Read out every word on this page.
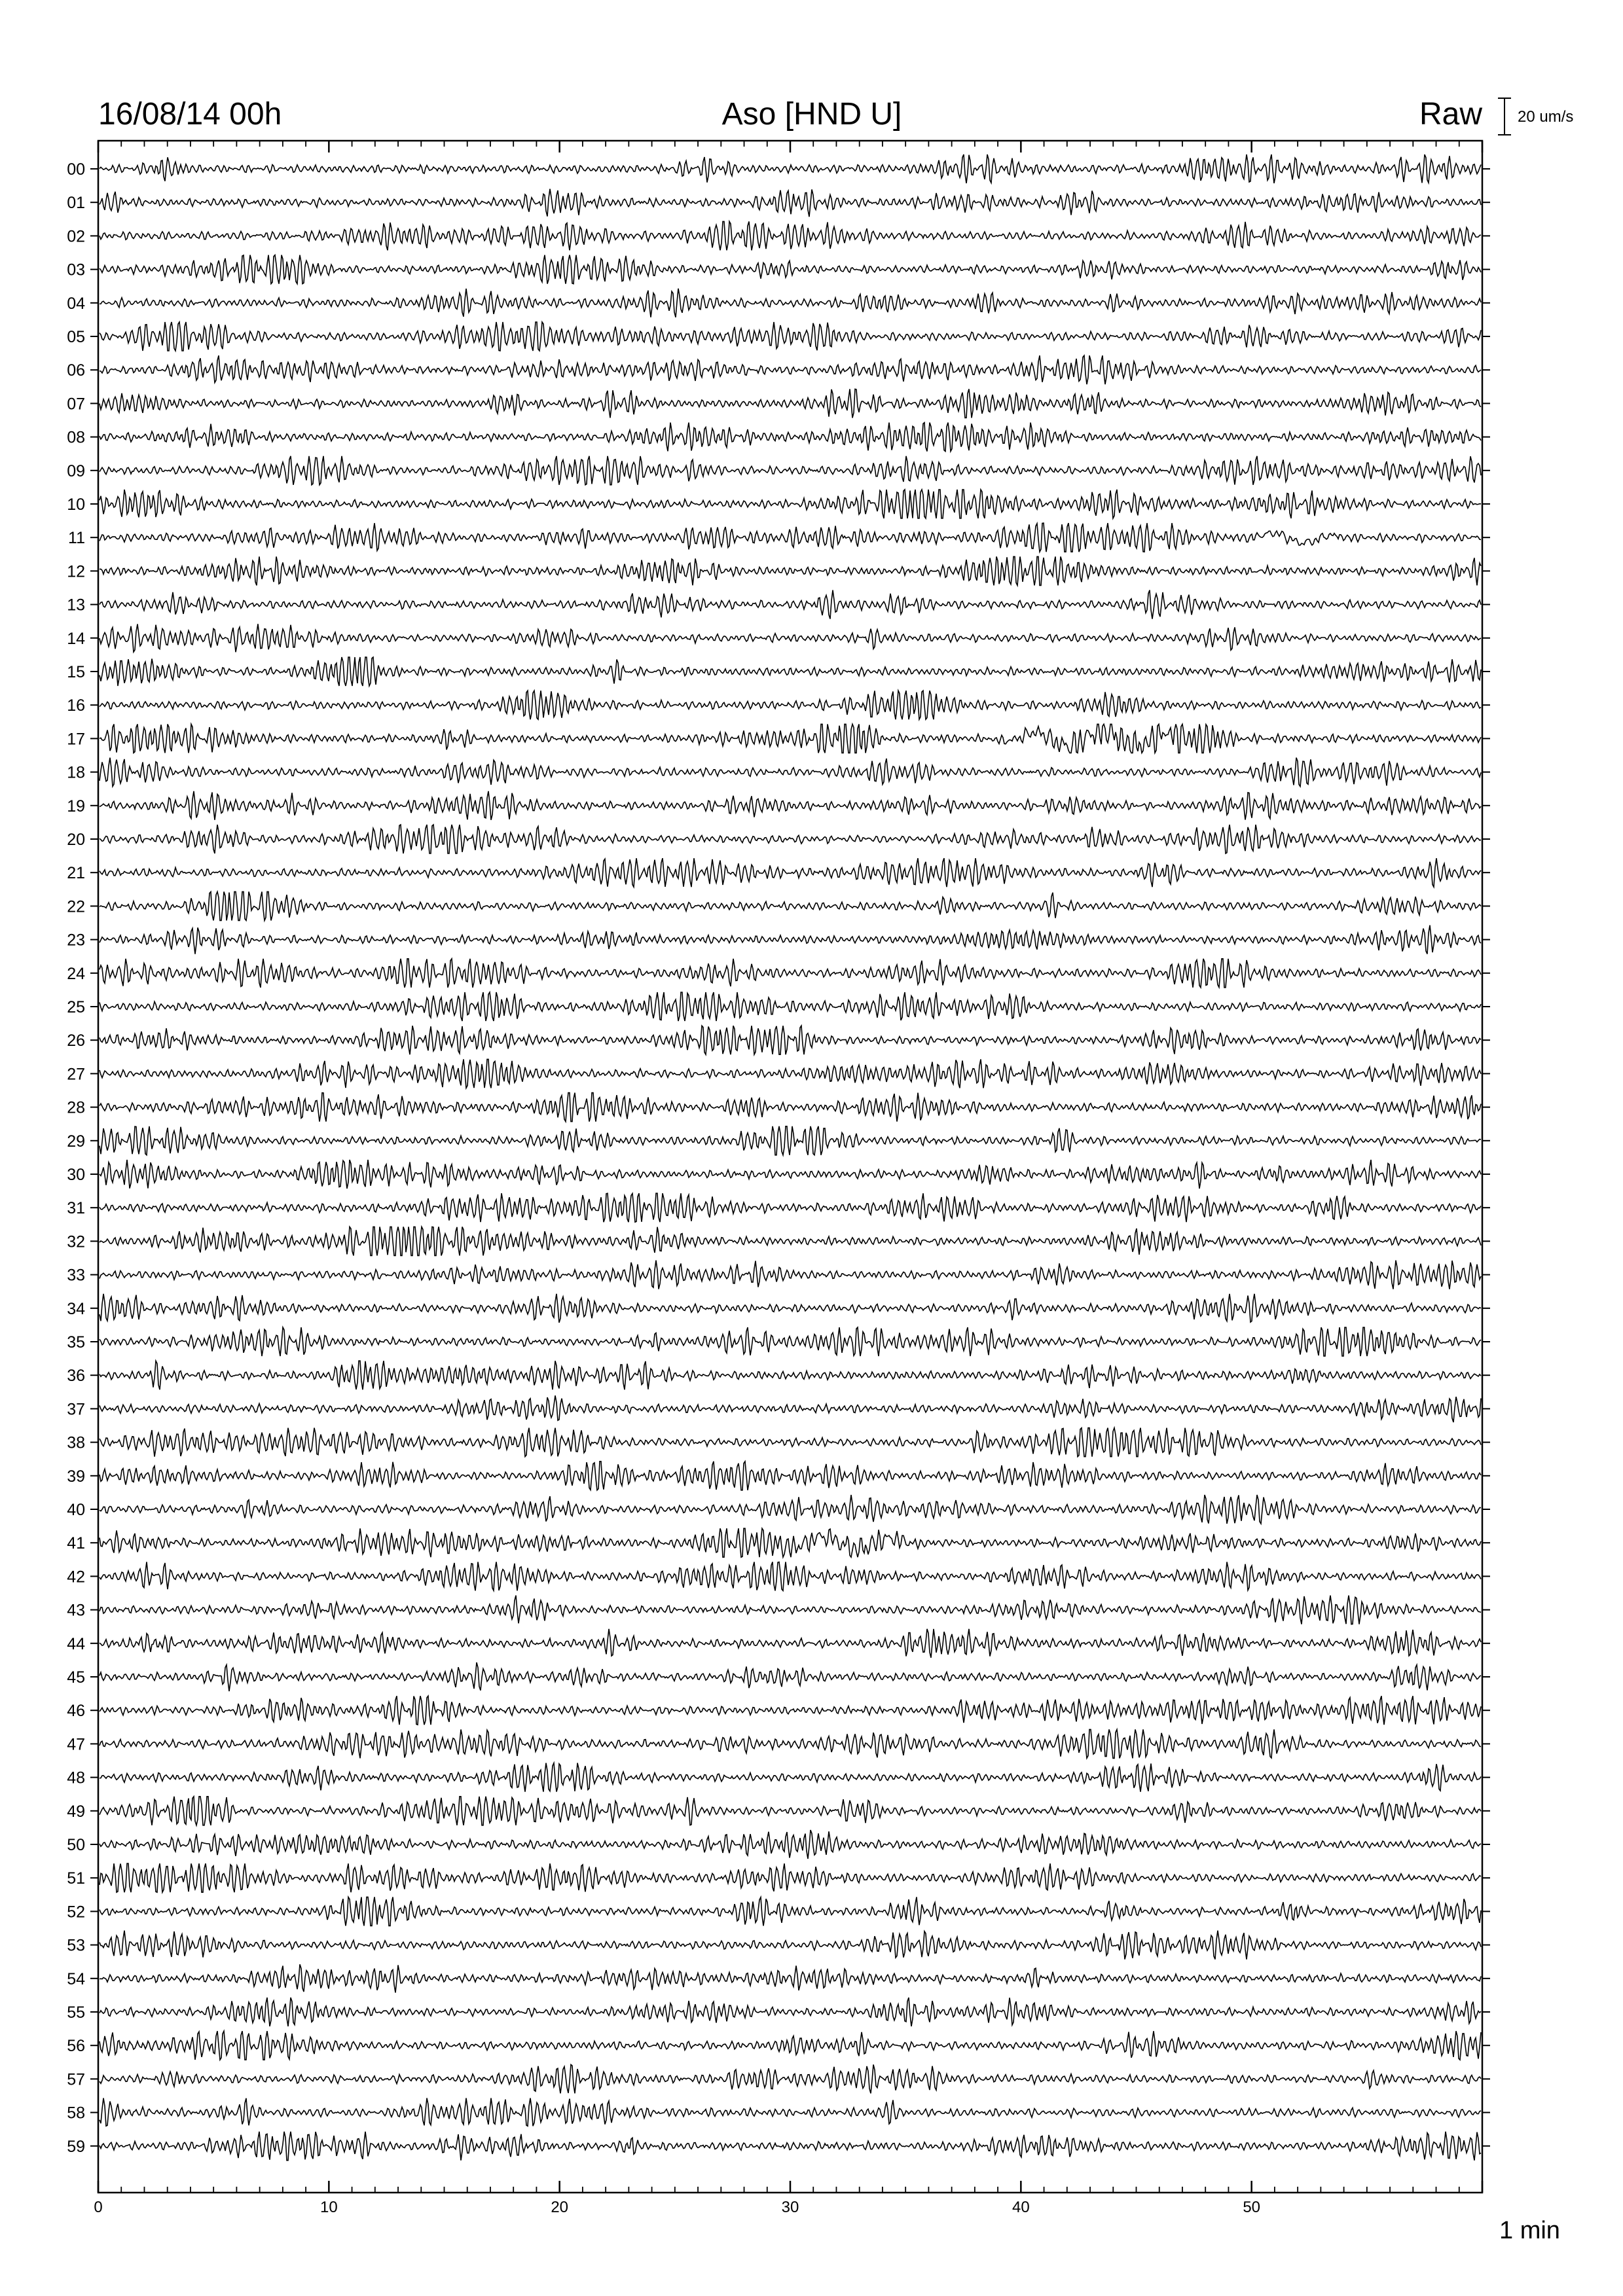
16/08/14 00h	Aso [HND U]	Raw 20 um/s
00
01
02
03
04
05
06
07
08
09
10
11
12
13
14
15
16
17
18
19
20
21
22
23
24
25
26
27
28
29
30
31
32
33
34
35
36
37
38
39
40
41
42
43
44
45
46
47
48
49
50
51
52
53
54
55
56
57
58
59
0	10	20	30	40	50
1 min
